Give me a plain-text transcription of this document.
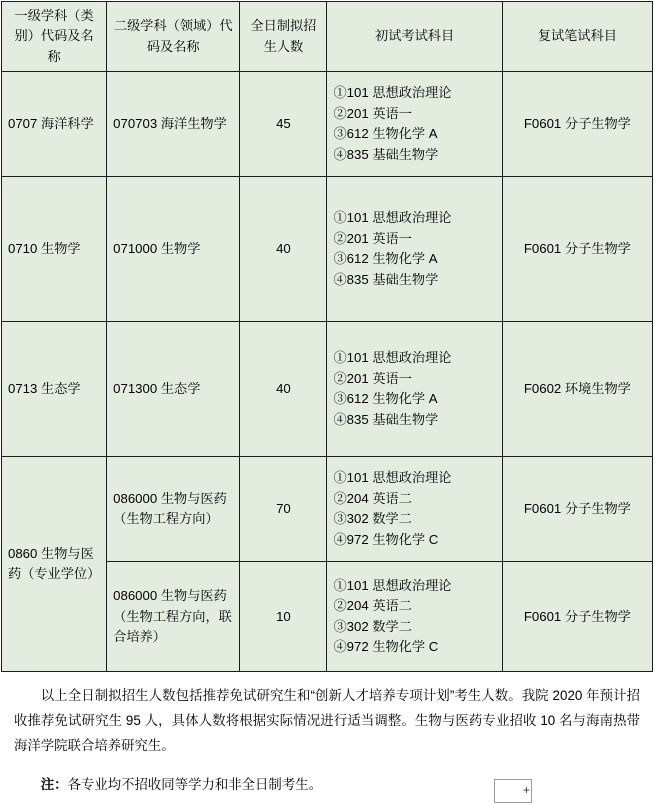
一级学科（类别）代码及名称	二级学科（领域）代码及名称	全日制拟招生人数	初试考试科目	复试笔试科目
0707 海洋科学	070703 海洋生物学	45	①101 思想政治理论
②201 英语一
③612 生物化学 A
④835 基础生物学	F0601 分子生物学
0710 生物学	071000 生物学	40	①101 思想政治理论
②201 英语一
③612 生物化学 A
④835 基础生物学	F0601 分子生物学
0713 生态学	071300 生态学	40	①101 思想政治理论
②201 英语一
③612 生物化学 A
④835 基础生物学	F0602 环境生物学
0860 生物与医药（专业学位）	086000 生物与医药（生物工程方向）	70	①101 思想政治理论
②204 英语二
③302 数学二
④972 生物化学 C	F0601 分子生物学
	086000 生物与医药（生物工程方向，联合培养）	10	①101 思想政治理论
②204 英语二
③302 数学二
④972 生物化学 C	F0601 分子生物学

以上全日制拟招生人数包括推荐免试研究生和“创新人才培养专项计划”考生人数。我院 2020 年预计招收推荐免试研究生 95 人，具体人数将根据实际情况进行适当调整。生物与医药专业招收 10 名与海南热带海洋学院联合培养研究生。

注：各专业均不招收同等学力和非全日制考生。	+
